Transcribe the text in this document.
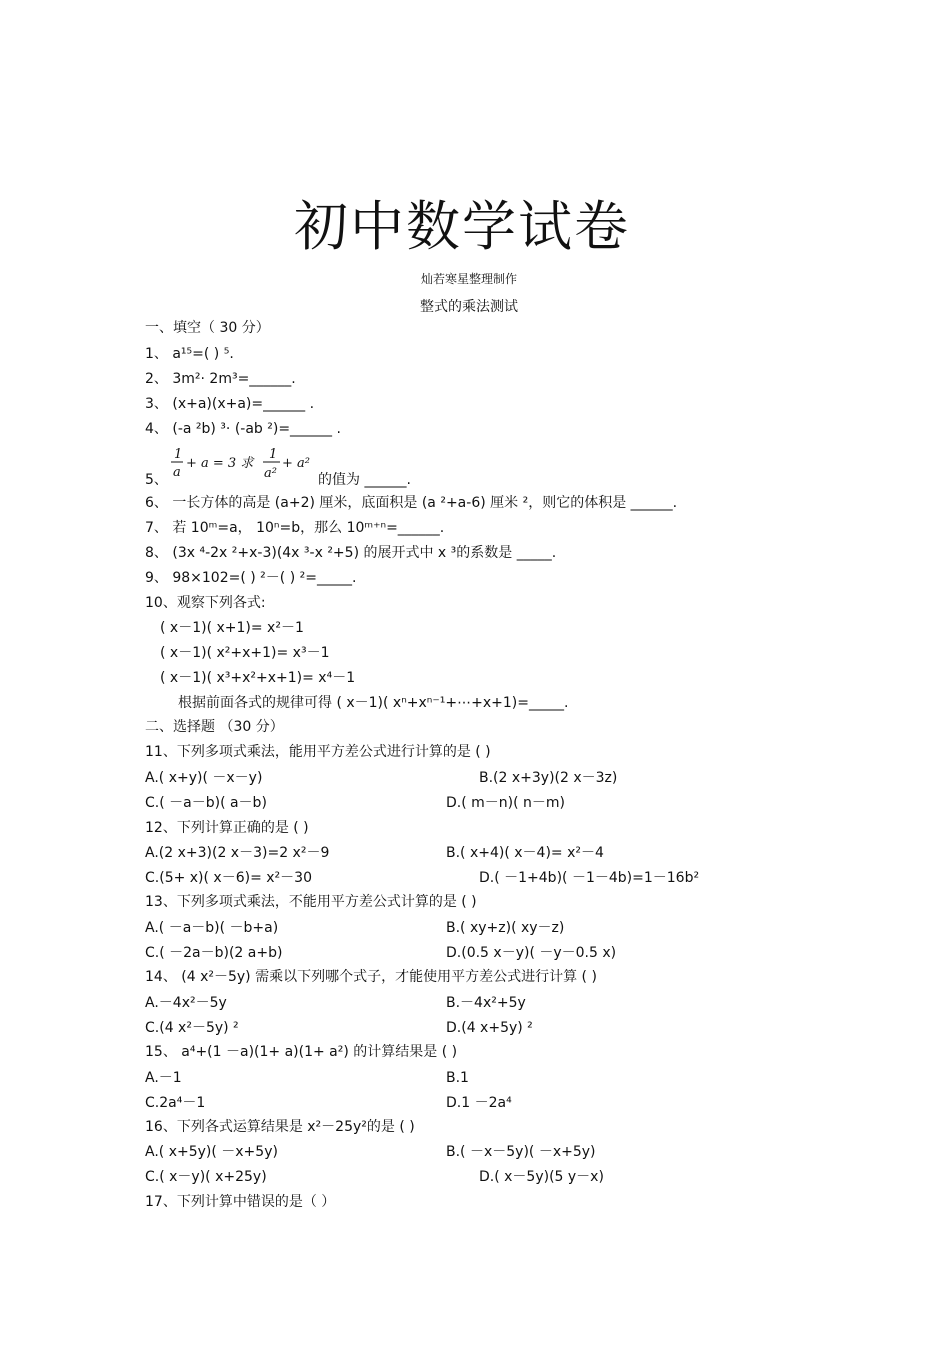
初中数学试卷
灿若寒星整理制作
整式的乘法测试
一、填空（ 30 分）
1、 a¹⁵=( ) ⁵.
2、 3m²· 2m³=______.
3、 (x+a)(x+a)=______ .
4、 (-a ²b) ³· (-ab ²)=______ .
1
a
+ a = 3 求
1
a²
+ a²
5、	的值为 ______.
6、 一长方体的高是 (a+2) 厘米，底面积是 (a ²+a-6) 厘米 ²，则它的体积是 ______.
7、 若 10ᵐ=a， 10ⁿ=b，那么 10ᵐ⁺ⁿ=______.
8、 (3x ⁴-2x ²+x-3)(4x ³-x ²+5) 的展开式中 x ³的系数是 _____.
9、 98×102=( ) ²－( ) ²=_____.
10、观察下列各式:
( x－1)( x+1)= x²－1
( x－1)( x²+x+1)= x³－1
( x－1)( x³+x²+x+1)= x⁴－1
根据前面各式的规律可得 ( x－1)( xⁿ+xⁿ⁻¹+⋯+x+1)=_____.
二、选择题 （30 分）
11、下列多项式乘法，能用平方差公式进行计算的是 ( )
A.( x+y)( －x－y)	B.(2 x+3y)(2 x－3z)
C.( －a－b)( a－b)	D.( m－n)( n－m)
12、下列计算正确的是 ( )
A.(2 x+3)(2 x－3)=2 x²－9	B.( x+4)( x－4)= x²－4
C.(5+ x)( x－6)= x²－30	D.( －1+4b)( －1－4b)=1－16b²
13、下列多项式乘法，不能用平方差公式计算的是 ( )
A.( －a－b)( －b+a)	B.( xy+z)( xy－z)
C.( －2a－b)(2 a+b)	D.(0.5 x－y)( －y－0.5 x)
14、 (4 x²－5y) 需乘以下列哪个式子，才能使用平方差公式进行计算 ( )
A.－4x²－5y	B.－4x²+5y
C.(4 x²－5y) ²	D.(4 x+5y) ²
15、 a⁴+(1 －a)(1+ a)(1+ a²) 的计算结果是 ( )
A.－1	B.1
C.2a⁴－1	D.1 －2a⁴
16、下列各式运算结果是 x²－25y²的是 ( )
A.( x+5y)( －x+5y)	B.( －x－5y)( －x+5y)
C.( x－y)( x+25y)	D.( x－5y)(5 y－x)
17、下列计算中错误的是（ ）
